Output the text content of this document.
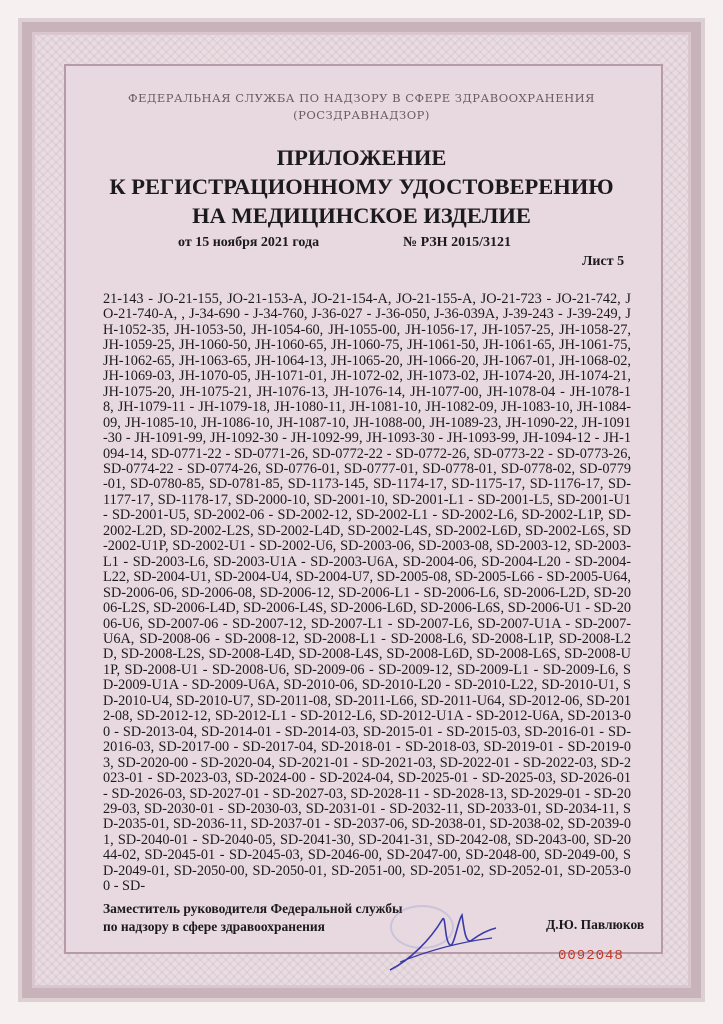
ФЕДЕРАЛЬНАЯ СЛУЖБА ПО НАДЗОРУ В СФЕРЕ ЗДРАВООХРАНЕНИЯ
(РОСЗДРАВНАДЗОР)
ПРИЛОЖЕНИЕ
К РЕГИСТРАЦИОННОМУ УДОСТОВЕРЕНИЮ
НА МЕДИЦИНСКОЕ ИЗДЕЛИЕ
от 15 ноября 2021 года	№ РЗН 2015/3121
Лист 5
21-143 - JO-21-155, JO-21-153-A, JO-21-154-A, JO-21-155-A, JO-21-723 - JO-21-742, JO-21-740-A, , J-34-690 - J-34-760, J-36-027 - J-36-050, J-36-039A, J-39-243 - J-39-249, JH-1052-35, JH-1053-50, JH-1054-60, JH-1055-00, JH-1056-17, JH-1057-25, JH-1058-27, JH-1059-25, JH-1060-50, JH-1060-65, JH-1060-75, JH-1061-50, JH-1061-65, JH-1061-75, JH-1062-65, JH-1063-65, JH-1064-13, JH-1065-20, JH-1066-20, JH-1067-01, JH-1068-02, JH-1069-03, JH-1070-05, JH-1071-01, JH-1072-02, JH-1073-02, JH-1074-20, JH-1074-21, JH-1075-20, JH-1075-21, JH-1076-13, JH-1076-14, JH-1077-00, JH-1078-04 - JH-1078-18, JH-1079-11 - JH-1079-18, JH-1080-11, JH-1081-10, JH-1082-09, JH-1083-10, JH-1084-09, JH-1085-10, JH-1086-10, JH-1087-10, JH-1088-00, JH-1089-23, JH-1090-22, JH-1091-30 - JH-1091-99, JH-1092-30 - JH-1092-99, JH-1093-30 - JH-1093-99, JH-1094-12 - JH-1094-14, SD-0771-22 - SD-0771-26, SD-0772-22 - SD-0772-26, SD-0773-22 - SD-0773-26, SD-0774-22 - SD-0774-26, SD-0776-01, SD-0777-01, SD-0778-01, SD-0778-02, SD-0779-01, SD-0780-85, SD-0781-85, SD-1173-145, SD-1174-17, SD-1175-17, SD-1176-17, SD-1177-17, SD-1178-17, SD-2000-10, SD-2001-10, SD-2001-L1 - SD-2001-L5, SD-2001-U1 - SD-2001-U5, SD-2002-06 - SD-2002-12, SD-2002-L1 - SD-2002-L6, SD-2002-L1P, SD-2002-L2D, SD-2002-L2S, SD-2002-L4D, SD-2002-L4S, SD-2002-L6D, SD-2002-L6S, SD-2002-U1P, SD-2002-U1 - SD-2002-U6, SD-2003-06, SD-2003-08, SD-2003-12, SD-2003-L1 - SD-2003-L6, SD-2003-U1A - SD-2003-U6A, SD-2004-06, SD-2004-L20 - SD-2004-L22, SD-2004-U1, SD-2004-U4, SD-2004-U7, SD-2005-08, SD-2005-L66 - SD-2005-U64, SD-2006-06, SD-2006-08, SD-2006-12, SD-2006-L1 - SD-2006-L6, SD-2006-L2D, SD-2006-L2S, SD-2006-L4D, SD-2006-L4S, SD-2006-L6D, SD-2006-L6S, SD-2006-U1 - SD-2006-U6, SD-2007-06 - SD-2007-12, SD-2007-L1 - SD-2007-L6, SD-2007-U1A - SD-2007-U6A, SD-2008-06 - SD-2008-12, SD-2008-L1 - SD-2008-L6, SD-2008-L1P, SD-2008-L2D, SD-2008-L2S, SD-2008-L4D, SD-2008-L4S, SD-2008-L6D, SD-2008-L6S, SD-2008-U1P, SD-2008-U1 - SD-2008-U6, SD-2009-06 - SD-2009-12, SD-2009-L1 - SD-2009-L6, SD-2009-U1A - SD-2009-U6A, SD-2010-06, SD-2010-L20 - SD-2010-L22, SD-2010-U1, SD-2010-U4, SD-2010-U7, SD-2011-08, SD-2011-L66, SD-2011-U64, SD-2012-06, SD-2012-08, SD-2012-12, SD-2012-L1 - SD-2012-L6, SD-2012-U1A - SD-2012-U6A, SD-2013-00 - SD-2013-04, SD-2014-01 - SD-2014-03, SD-2015-01 - SD-2015-03, SD-2016-01 - SD-2016-03, SD-2017-00 - SD-2017-04, SD-2018-01 - SD-2018-03, SD-2019-01 - SD-2019-03, SD-2020-00 - SD-2020-04, SD-2021-01 - SD-2021-03, SD-2022-01 - SD-2022-03, SD-2023-01 - SD-2023-03, SD-2024-00 - SD-2024-04, SD-2025-01 - SD-2025-03, SD-2026-01 - SD-2026-03, SD-2027-01 - SD-2027-03, SD-2028-11 - SD-2028-13, SD-2029-01 - SD-2029-03, SD-2030-01 - SD-2030-03, SD-2031-01 - SD-2032-11, SD-2033-01, SD-2034-11, SD-2035-01, SD-2036-11, SD-2037-01 - SD-2037-06, SD-2038-01, SD-2038-02, SD-2039-01, SD-2040-01 - SD-2040-05, SD-2041-30, SD-2041-31, SD-2042-08, SD-2043-00, SD-2044-02, SD-2045-01 - SD-2045-03, SD-2046-00, SD-2047-00, SD-2048-00, SD-2049-00, SD-2049-01, SD-2050-00, SD-2050-01, SD-2051-00, SD-2051-02, SD-2052-01, SD-2053-00 - SD-
Заместитель руководителя Федеральной службы
по надзору в сфере здравоохранения	Д.Ю. Павлюков
0092048
